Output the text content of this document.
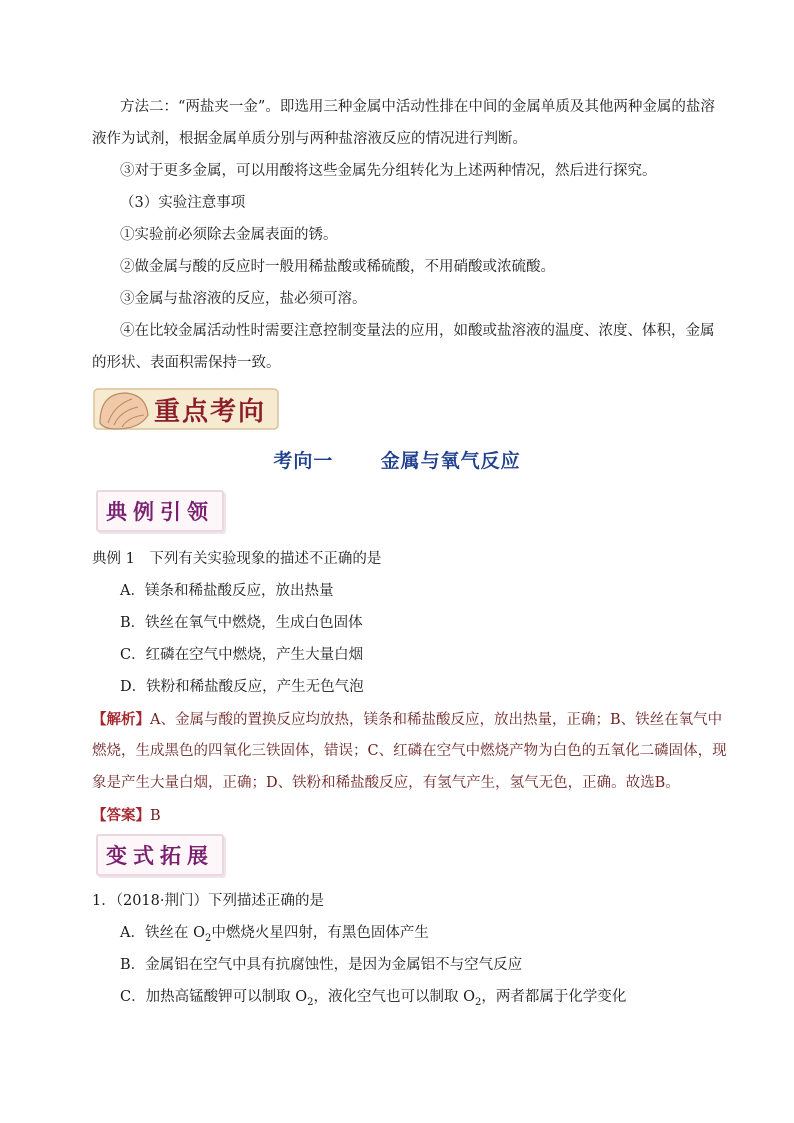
方法二：“两盐夹一金”。即选用三种金属中活动性排在中间的金属单质及其他两种金属的盐溶
液作为试剂，根据金属单质分别与两种盐溶液反应的情况进行判断。
③对于更多金属，可以用酸将这些金属先分组转化为上述两种情况，然后进行探究。
（3）实验注意事项
①实验前必须除去金属表面的锈。
②做金属与酸的反应时一般用稀盐酸或稀硫酸，不用硝酸或浓硫酸。
③金属与盐溶液的反应，盐必须可溶。
④在比较金属活动性时需要注意控制变量法的应用，如酸或盐溶液的温度、浓度、体积，金属
的形状、表面积需保持一致。
重点考向
考向一 金属与氧气反应
典例引领
典例 1　下列有关实验现象的描述不正确的是
A．镁条和稀盐酸反应，放出热量
B．铁丝在氧气中燃烧，生成白色固体
C．红磷在空气中燃烧，产生大量白烟
D．铁粉和稀盐酸反应，产生无色气泡
【解析】A、金属与酸的置换反应均放热，镁条和稀盐酸反应，放出热量，正确；B、铁丝在氧气中
燃烧，生成黑色的四氧化三铁固体，错误；C、红磷在空气中燃烧产物为白色的五氧化二磷固体，现
象是产生大量白烟，正确；D、铁粉和稀盐酸反应，有氢气产生，氢气无色，正确。故选B。
【答案】B
变式拓展
1．（2018·荆门）下列描述正确的是
A．铁丝在 $O_2$中燃烧火星四射，有黑色固体产生
B．金属铝在空气中具有抗腐蚀性，是因为金属铝不与空气反应
C．加热高锰酸钾可以制取 $O_2$，液化空气也可以制取 $O_2$，两者都属于化学变化
